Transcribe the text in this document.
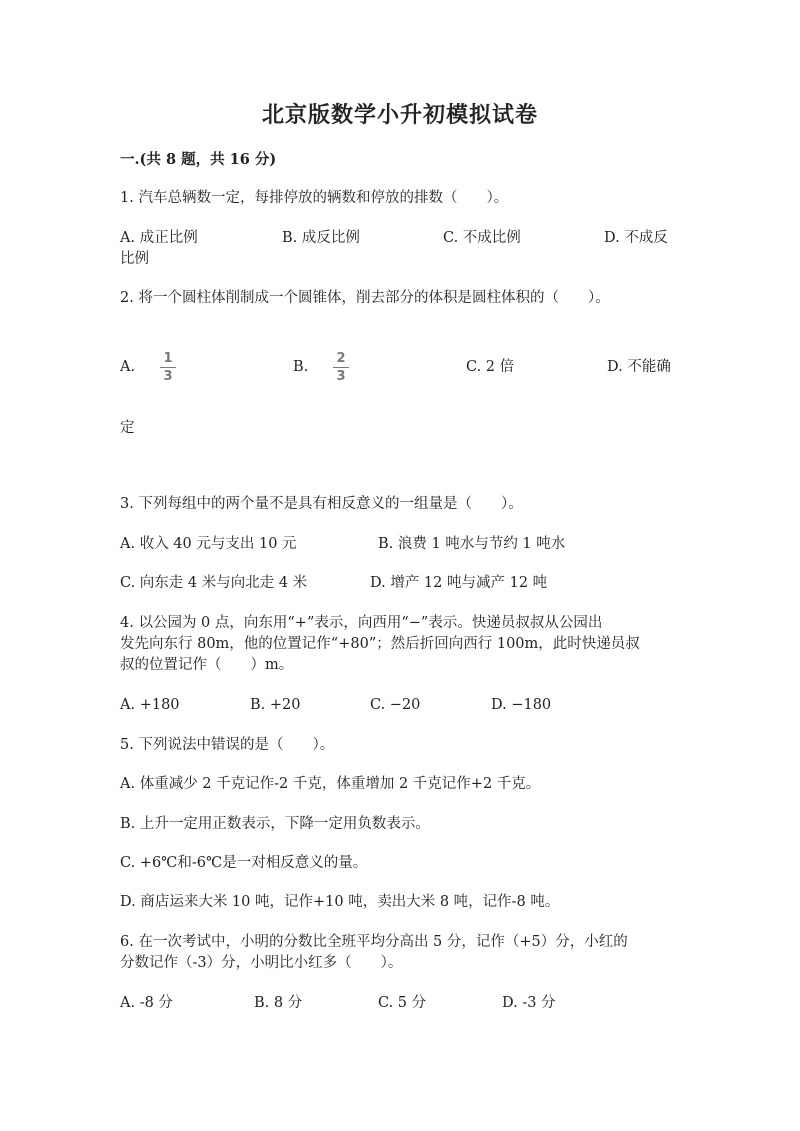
北京版数学小升初模拟试卷
一.(共 8 题，共 16 分)
1. 汽车总辆数一定，每排停放的辆数和停放的排数（　　）。
A. 成正比例	B. 成反比例	C. 不成比例	D. 不成反
比例
2. 将一个圆柱体削制成一个圆锥体，削去部分的体积是圆柱体积的（　　）。
A.
1
3
B.
2
3
C. 2 倍	D. 不能确
定
3. 下列每组中的两个量不是具有相反意义的一组量是（　　）。
A. 收入 40 元与支出 10 元	B. 浪费 1 吨水与节约 1 吨水
C. 向东走 4 米与向北走 4 米	D. 增产 12 吨与减产 12 吨
4. 以公园为 0 点，向东用“+”表示，向西用“−”表示。快递员叔叔从公园出
发先向东行 80m，他的位置记作“+80”；然后折回向西行 100m，此时快递员叔
叔的位置记作（　　）m。
A. +180	B. +20	C. −20	D. −180
5. 下列说法中错误的是（　　）。
A. 体重减少 2 千克记作-2 千克，体重增加 2 千克记作+2 千克。
B. 上升一定用正数表示，下降一定用负数表示。
C. +6℃和-6℃是一对相反意义的量。
D. 商店运来大米 10 吨，记作+10 吨，卖出大米 8 吨，记作-8 吨。
6. 在一次考试中，小明的分数比全班平均分高出 5 分，记作（+5）分，小红的
分数记作（-3）分，小明比小红多（　　）。
A. -8 分	B. 8 分	C. 5 分	D. -3 分
